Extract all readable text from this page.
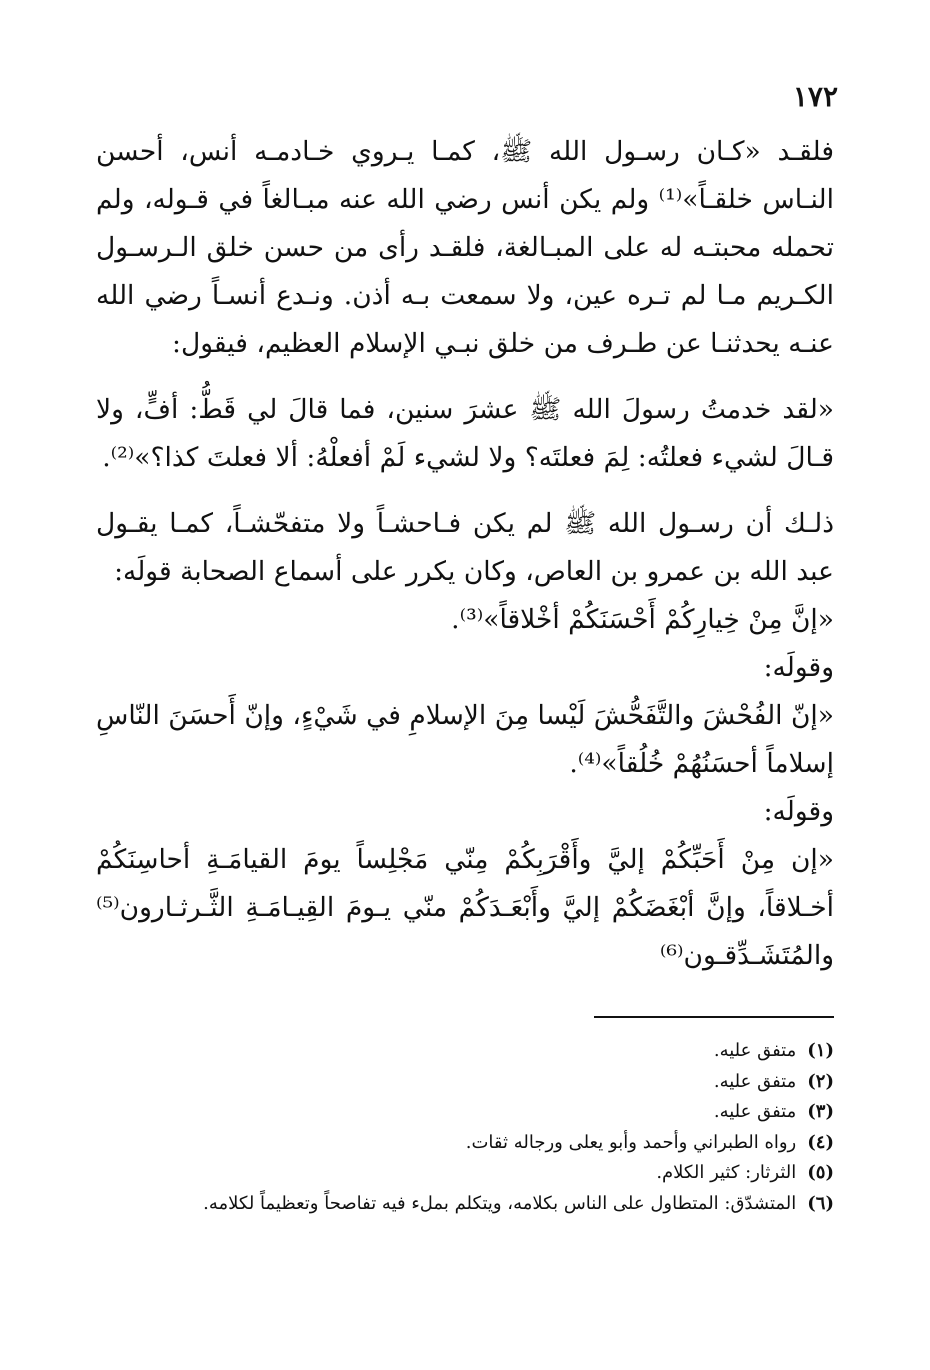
١٧٢

فلقـد «كـان رسـول الله ﷺ، كمـا يـروي خـادمـه أنس، أحسن النـاس خلقـاً»⁽¹⁾ ولم يكن أنس رضي الله عنه مبـالغاً في قـوله، ولم تحمله محبتـه له على المبـالغة، فلقـد رأى من حسن خلق الـرسـول الكـريم مـا لم تـره عين، ولا سمعت بـه أذن. ونـدع أنسـاً رضي الله عنـه يحدثنـا عن طـرف من خلق نبـي الإسلام العظيم، فيقول:

«لقد خدمتُ رسولَ الله ﷺ عشرَ سنين، فما قالَ لي قَطُّ: أفٍّ، ولا قـالَ لشيء فعلتُه: لِمَ فعلتَه؟ ولا لشيء لَمْ أفعلْهُ: ألا فعلتَ كذا؟»⁽²⁾.

ذلـك أن رسـول الله ﷺ لم يكن فـاحشـاً ولا متفحّشـاً، كمـا يقـول عبد الله بن عمرو بن العاص، وكان يكرر على أسماع الصحابة قولَه:

«إنَّ مِنْ خِيارِكُمْ أَحْسَنَكُمْ أخْلاقاً»⁽³⁾.

وقولَه:

«إنّ الفُحْشَ والتَّفَحُّشَ لَيْسا مِنَ الإسلامِ في شَيْءٍ، وإنّ أَحسَنَ النّاسِ إسلاماً أحسَنُهُمْ خُلُقاً»⁽⁴⁾.

وقولَه:

«إن مِنْ أَحَبِّكُمْ إليَّ وأَقْرَبِكُمْ مِنّي مَجْلِساً يومَ القيامَـةِ أحاسِنَكُمْ أخـلاقاً، وإنَّ أبْغَضَكُمْ إليَّ وأَبْعَـدَكُمْ منّي يـومَ القِيـامَـةِ الثَّـرثـارون⁽⁵⁾ والمُتَشَـدِّقـون⁽⁶⁾

(١) متفق عليه.
(٢) متفق عليه.
(٣) متفق عليه.
(٤) رواه الطبراني وأحمد وأبو يعلى ورجاله ثقات.
(٥) الثرثار: كثير الكلام.
(٦) المتشدّق: المتطاول على الناس بكلامه، ويتكلم بملء فيه تفاصحاً وتعظيماً لكلامه.
